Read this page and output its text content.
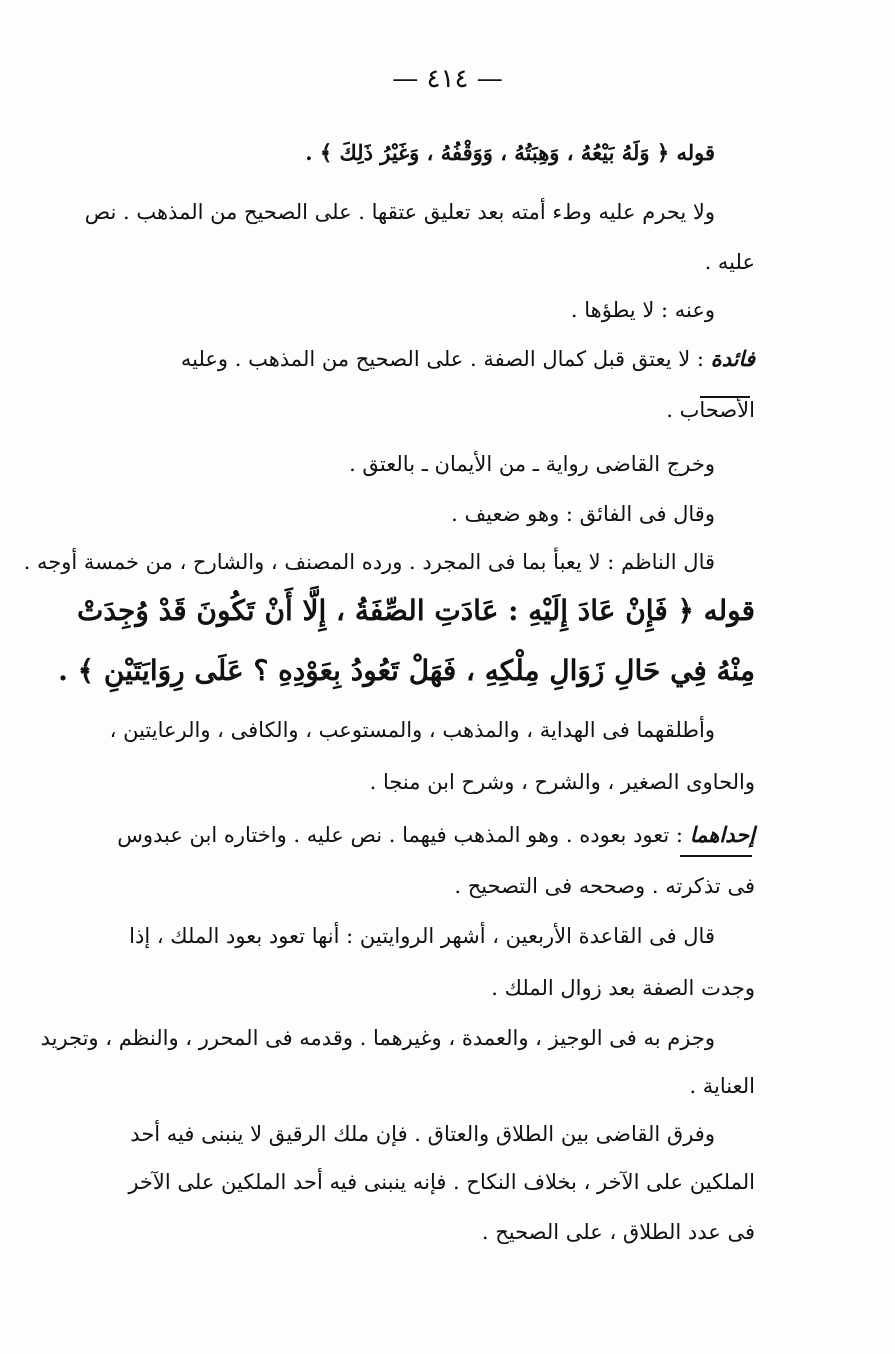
— ٤١٤ —
قوله ﴿ وَلَهُ بَيْعُهُ ، وَهِبَتُهُ ، وَوَقْفُهُ ، وَغَيْرُ ذَلِكَ ﴾ .
ولا يحرم عليه وطء أمته بعد تعليق عتقها . على الصحيح من المذهب . نص
عليه .
وعنه : لا يطؤها .
فائدة : لا يعتق قبل كمال الصفة . على الصحيح من المذهب . وعليه
الأصحاب .
وخرج القاضى رواية ـ من الأيمان ـ بالعتق .
وقال فى الفائق : وهو ضعيف .
قال الناظم : لا يعبأ بما فى المجرد . ورده المصنف ، والشارح ، من خمسة أوجه .
قوله ﴿ فَإِنْ عَادَ إِلَيْهِ : عَادَتِ الصِّفَةُ ، إِلَّا أَنْ تَكُونَ قَدْ وُجِدَتْ
مِنْهُ فِي حَالِ زَوَالِ مِلْكِهِ ، فَهَلْ تَعُودُ بِعَوْدِهِ ؟ عَلَى رِوَايَتَيْنِ ﴾ .
وأطلقهما فى الهداية ، والمذهب ، والمستوعب ، والكافى ، والرعايتين ،
والحاوى الصغير ، والشرح ، وشرح ابن منجا .
إحداهما : تعود بعوده . وهو المذهب فيهما . نص عليه . واختاره ابن عبدوس
فى تذكرته . وصححه فى التصحيح .
قال فى القاعدة الأربعين ، أشهر الروايتين : أنها تعود بعود الملك ، إذا
وجدت الصفة بعد زوال الملك .
وجزم به فى الوجيز ، والعمدة ، وغيرهما . وقدمه فى المحرر ، والنظم ، وتجريد
العناية .
وفرق القاضى بين الطلاق والعتاق . فإن ملك الرقيق لا ينبنى فيه أحد
الملكين على الآخر ، بخلاف النكاح . فإنه ينبنى فيه أحد الملكين على الآخر
فى عدد الطلاق ، على الصحيح .
